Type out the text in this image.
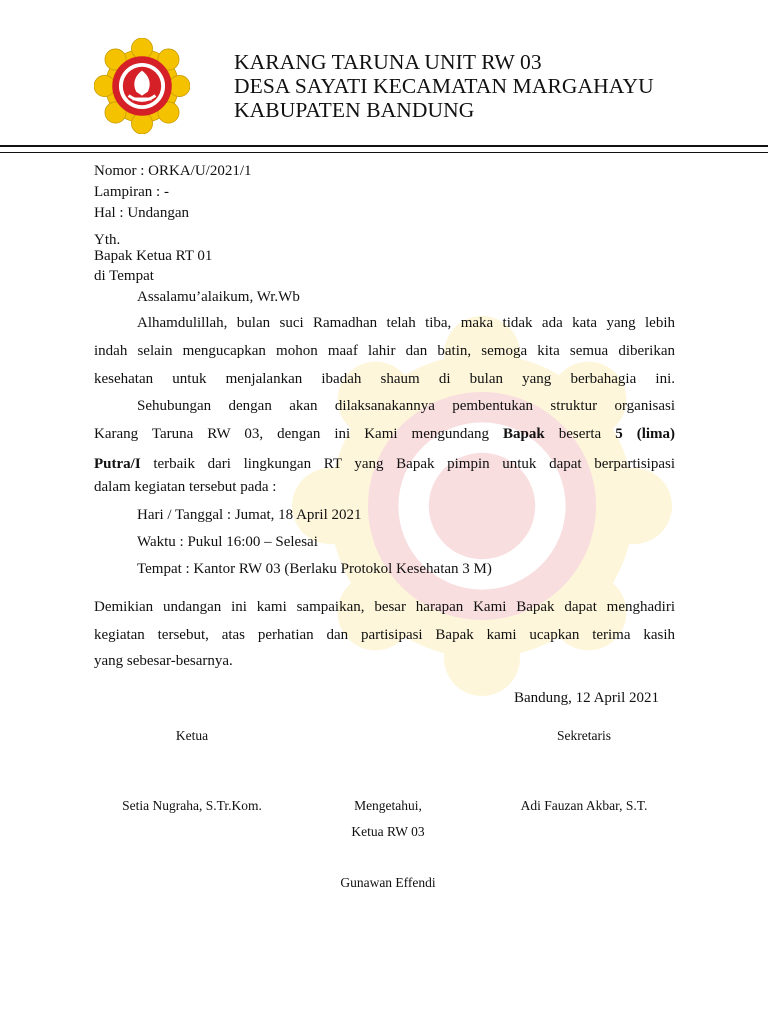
KARANG TARUNA UNIT RW 03
DESA SAYATI KECAMATAN MARGAHAYU
KABUPATEN BANDUNG
Nomor : ORKA/U/2021/1
Lampiran : -
Hal : Undangan
Yth.
Bapak Ketua RT 01
di Tempat
Assalamu’alaikum, Wr.Wb
Alhamdulillah, bulan suci Ramadhan telah tiba, maka tidak ada kata yang lebih
indah selain mengucapkan mohon maaf lahir dan batin, semoga kita semua diberikan
kesehatan untuk menjalankan ibadah shaum di bulan yang berbahagia ini.
Sehubungan dengan akan dilaksanakannya pembentukan struktur organisasi
Karang Taruna RW 03, dengan ini Kami mengundang Bapak beserta 5 (lima)
Putra/I terbaik dari lingkungan RT yang Bapak pimpin untuk dapat berpartisipasi
dalam kegiatan tersebut pada :
Hari / Tanggal : Jumat, 18 April 2021
Waktu : Pukul 16:00 – Selesai
Tempat : Kantor RW 03 (Berlaku Protokol Kesehatan 3 M)
Demikian undangan ini kami sampaikan, besar harapan Kami Bapak dapat menghadiri
kegiatan tersebut, atas perhatian dan partisipasi Bapak kami ucapkan terima kasih
yang sebesar-besarnya.
Bandung, 12 April 2021
Ketua	Sekretaris
Setia Nugraha, S.Tr.Kom.	Mengetahui,	Adi Fauzan Akbar, S.T.
Ketua RW 03
Gunawan Effendi
